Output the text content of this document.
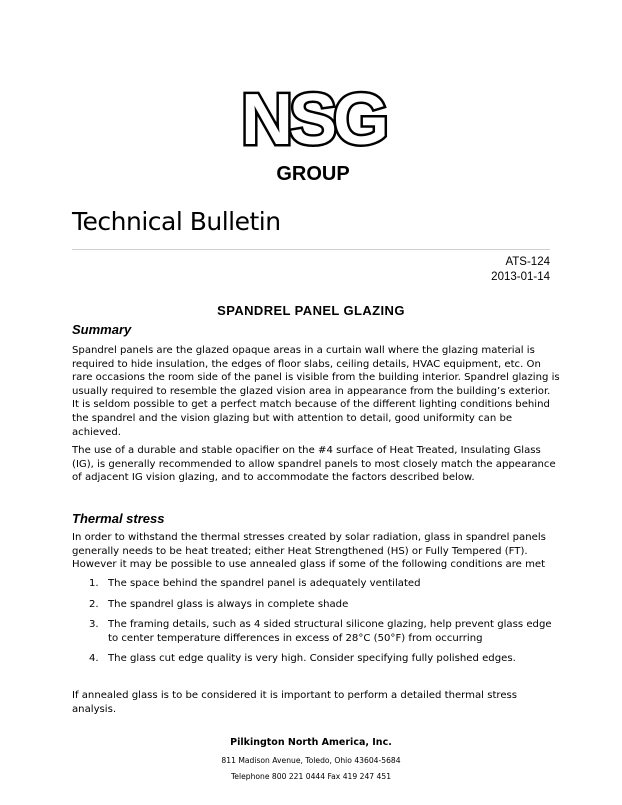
NSG
GROUP
Technical Bulletin
ATS-124
2013-01-14
SPANDREL PANEL GLAZING
Summary

Spandrel panels are the glazed opaque areas in a curtain wall where the glazing material is required to hide insulation, the edges of floor slabs, ceiling details, HVAC equipment, etc. On rare occasions the room side of the panel is visible from the building interior. Spandrel glazing is usually required to resemble the glazed vision area in appearance from the building’s exterior. It is seldom possible to get a perfect match because of the different lighting conditions behind the spandrel and the vision glazing but with attention to detail, good uniformity can be achieved.

The use of a durable and stable opacifier on the #4 surface of Heat Treated, Insulating Glass (IG), is generally recommended to allow spandrel panels to most closely match the appearance of adjacent IG vision glazing, and to accommodate the factors described below.

Thermal stress

In order to withstand the thermal stresses created by solar radiation, glass in spandrel panels generally needs to be heat treated; either Heat Strengthened (HS) or Fully Tempered (FT). However it may be possible to use annealed glass if some of the following conditions are met

1. The space behind the spandrel panel is adequately ventilated
2. The spandrel glass is always in complete shade
3. The framing details, such as 4 sided structural silicone glazing, help prevent glass edge to center temperature differences in excess of 28°C (50°F) from occurring
4. The glass cut edge quality is very high. Consider specifying fully polished edges.

If annealed glass is to be considered it is important to perform a detailed thermal stress analysis.

Pilkington North America, Inc.
811 Madison Avenue, Toledo, Ohio 43604-5684
Telephone 800 221 0444 Fax 419 247 451
